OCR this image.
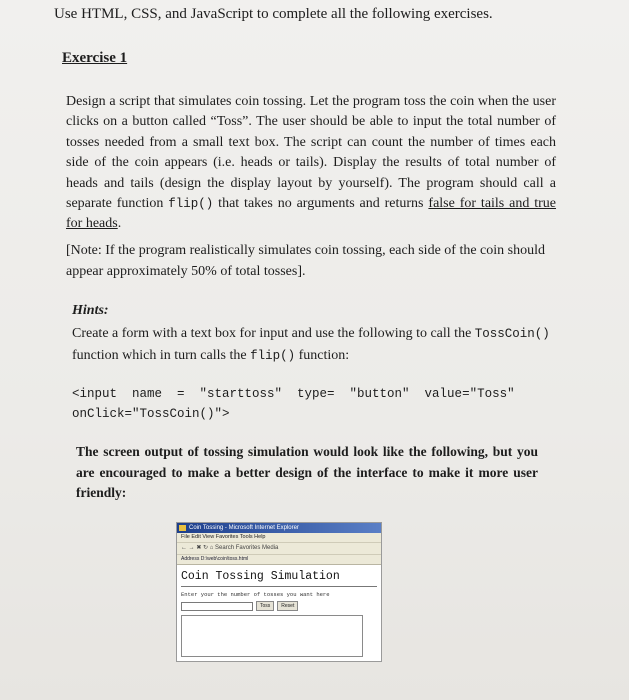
Use HTML, CSS, and JavaScript to complete all the following exercises.
Exercise 1
Design a script that simulates coin tossing. Let the program toss the coin when the user clicks on a button called “Toss”. The user should be able to input the total number of tosses needed from a small text box. The script can count the number of times each side of the coin appears (i.e. heads or tails). Display the results of total number of heads and tails (design the display layout by yourself). The program should call a separate function flip() that takes no arguments and returns false for tails and true for heads.
[Note: If the program realistically simulates coin tossing, each side of the coin should appear approximately 50% of total tosses].
Hints:
Create a form with a text box for input and use the following to call the TossCoin() function which in turn calls the flip() function:
<input  name  =  "starttoss"  type=  "button"  value="Toss"
onClick="TossCoin()">
The screen output of tossing simulation would look like the following, but you are encouraged to make a better design of the interface to make it more user friendly:
Coin Tossing - Microsoft Internet Explorer
File Edit View Favorites Tools Help
← → ✖ ↻ ⌂ Search Favorites Media
Address D:\web\coin\toss.html
Coin Tossing Simulation
Enter your the number of tosses you want here
Toss	Reset
